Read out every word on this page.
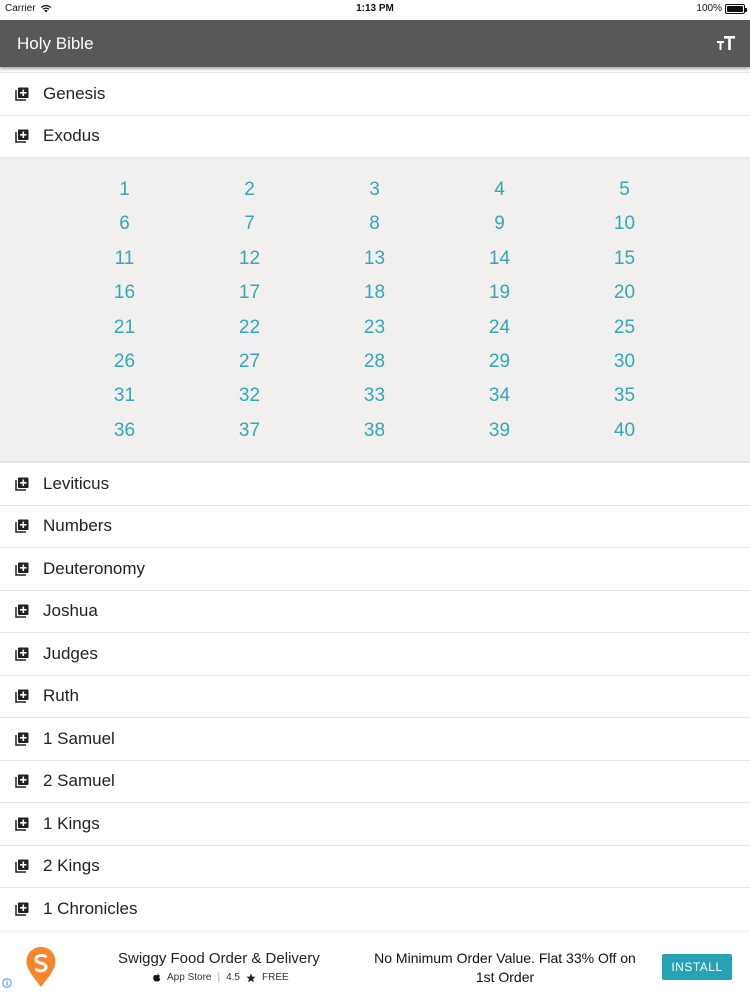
Carrier	1:13 PM	100%
Holy Bible
Genesis
Exodus
1	2	3	4	5
6	7	8	9	10
11	12	13	14	15
16	17	18	19	20
21	22	23	24	25
26	27	28	29	30
31	32	33	34	35
36	37	38	39	40
Leviticus
Numbers
Deuteronomy
Joshua
Judges
Ruth
1 Samuel
2 Samuel
1 Kings
2 Kings
1 Chronicles
Swiggy Food Order & Delivery
App Store | 4.5 FREE
No Minimum Order Value. Flat 33% Off on 1st Order
INSTALL
